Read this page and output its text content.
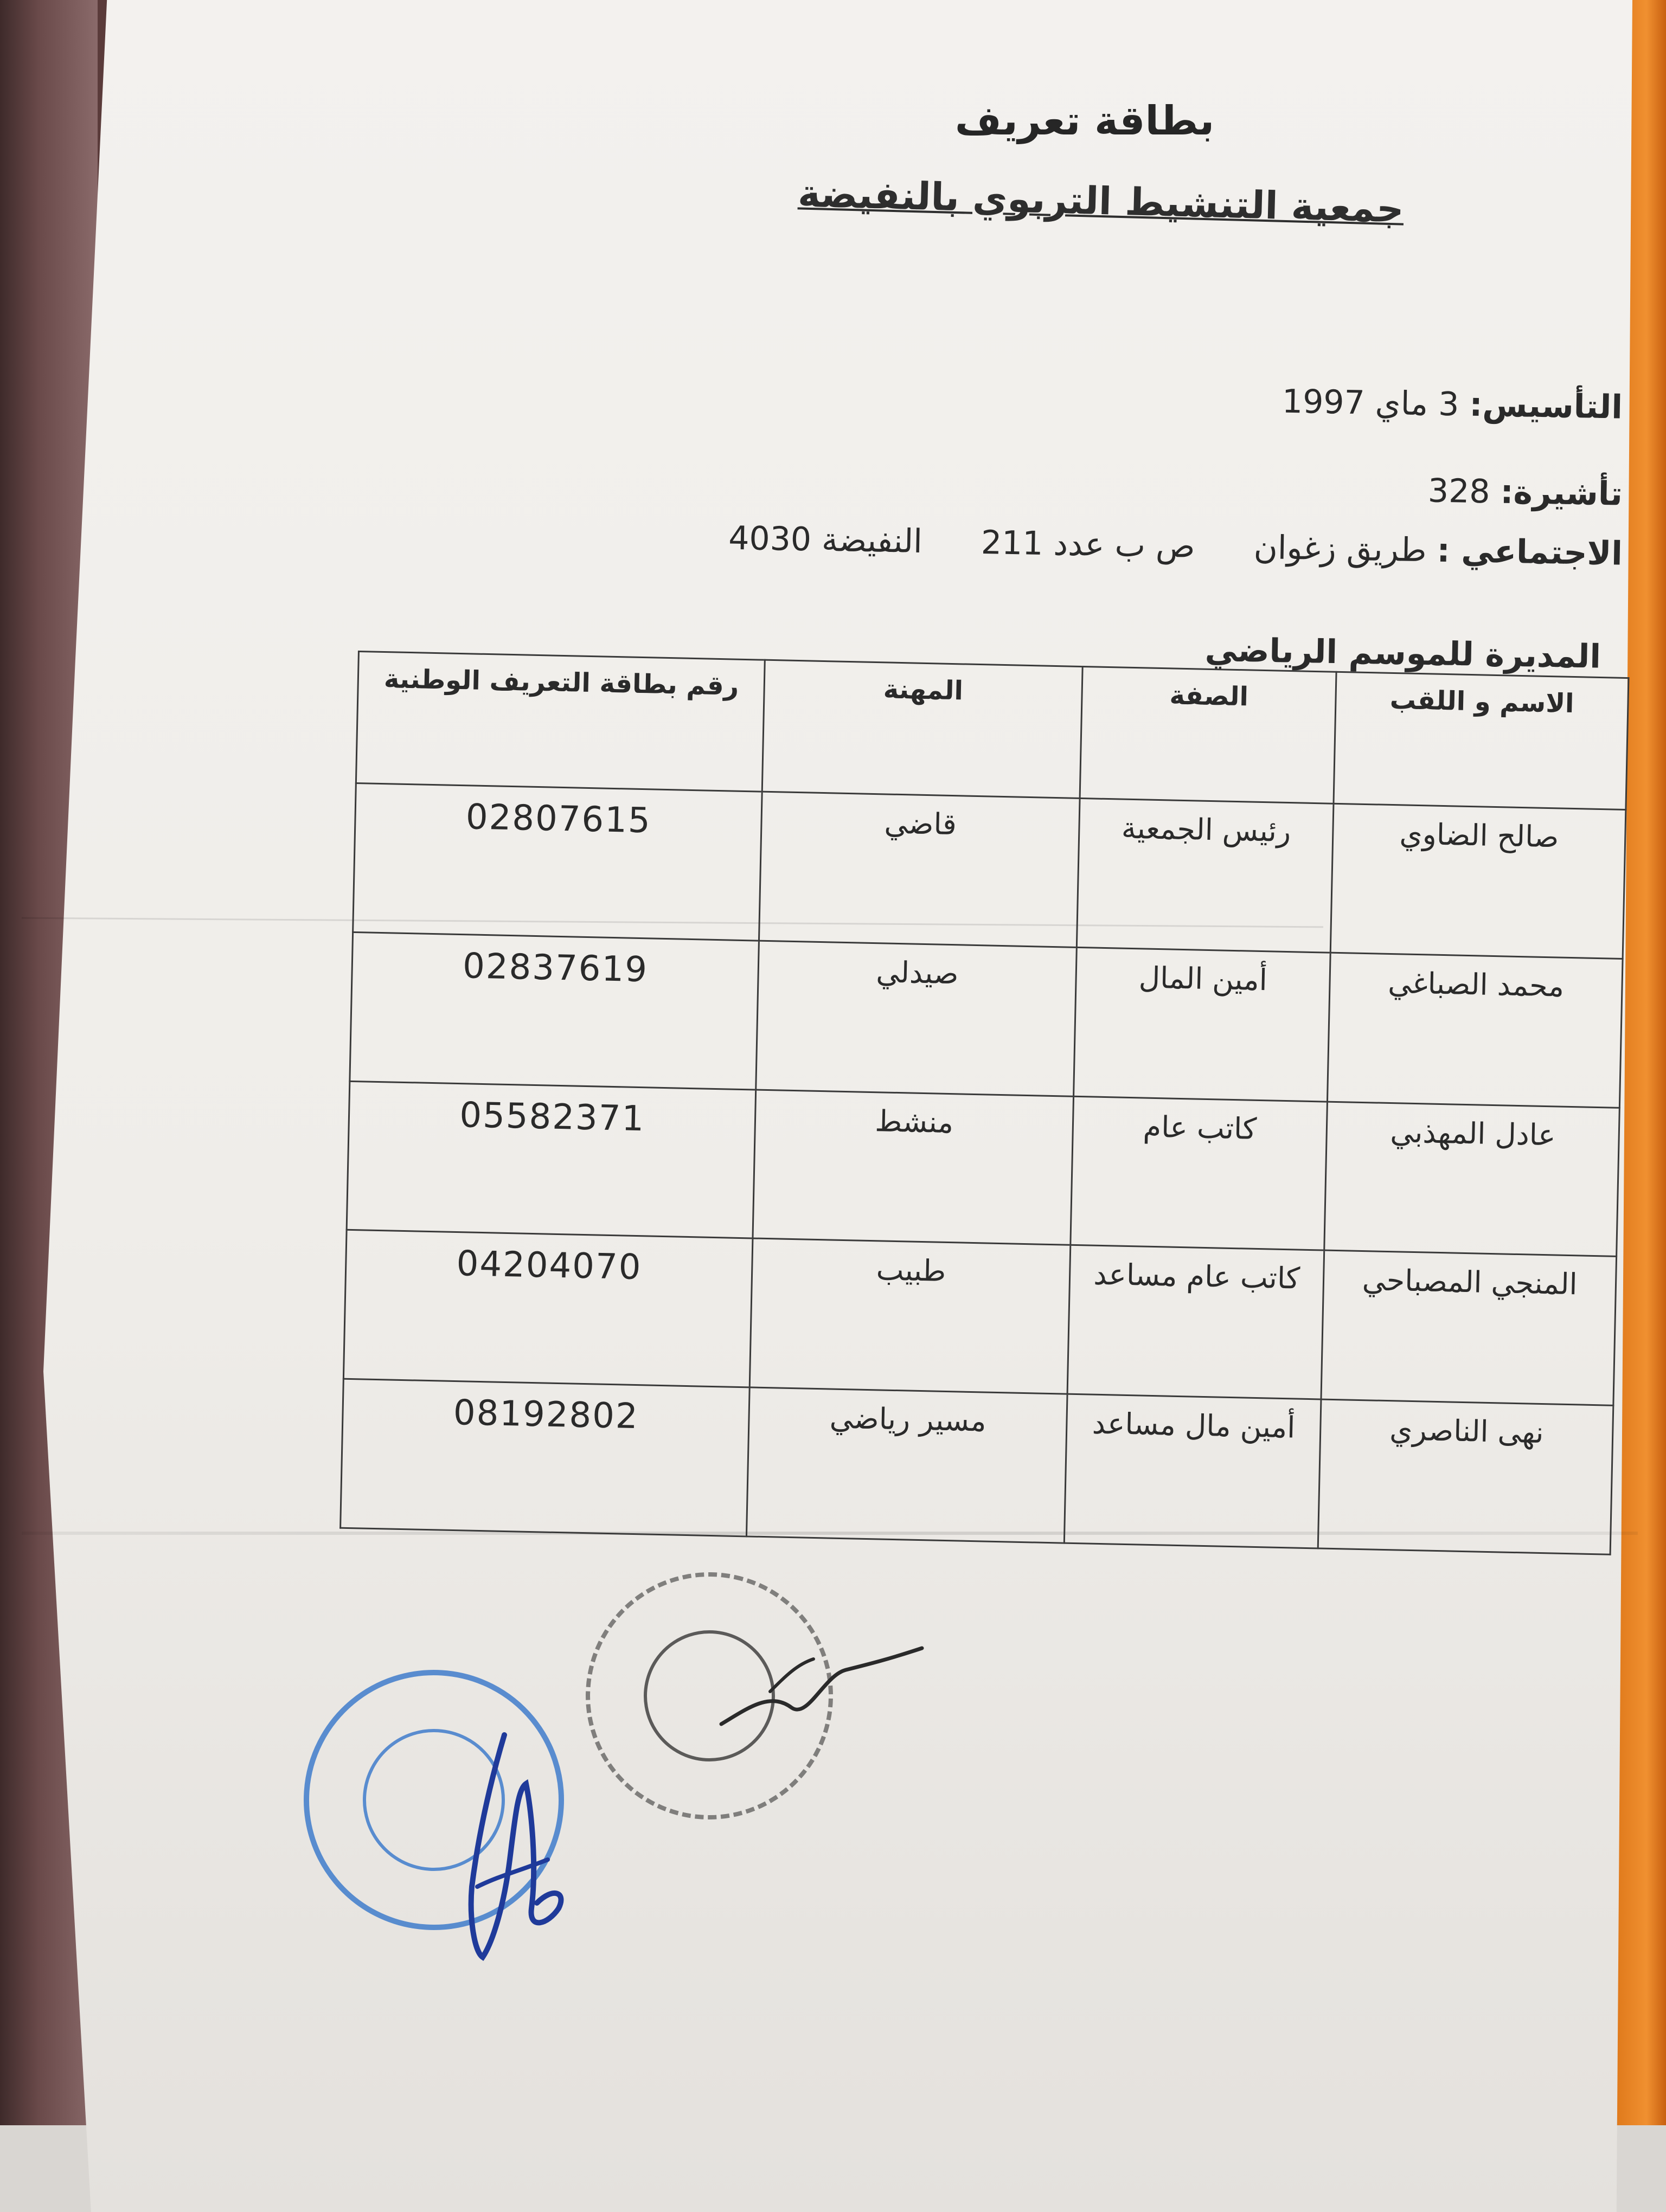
بطاقة تعريف
جمعية التنشيط التربوي بالنفيضة
التأسيس: 3 ماي 1997
تأشيرة: 328
الاجتماعي : طريق زغوان  ص ب عدد 211  النفيضة 4030
المديرة للموسم الرياضي
الاسم و اللقب	الصفة	المهنة	رقم بطاقة التعريف الوطنية
صالح الضاوي	رئيس الجمعية	قاضي	02807615
محمد الصباغي	أمين المال	صيدلي	02837619
عادل المهذبي	كاتب عام	منشط	05582371
المنجي المصباحي	كاتب عام مساعد	طبيب	04204070
نهى الناصري	أمين مال مساعد	مسير رياضي	08192802
